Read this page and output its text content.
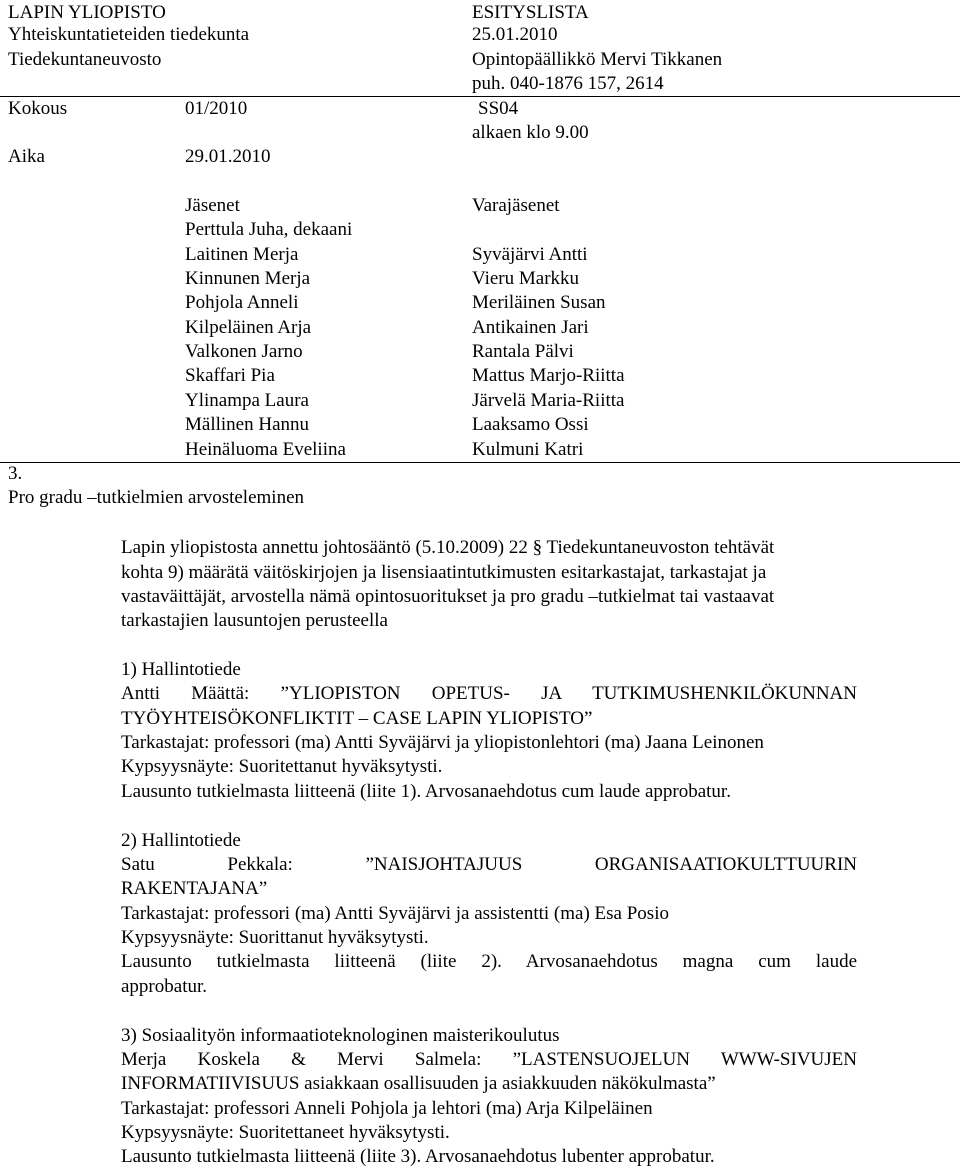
LAPIN YLIOPISTO
Yhteiskuntatieteiden tiedekunta
Tiedekuntaneuvosto
ESITYSLISTA
25.01.2010
Opintopäällikkö Mervi Tikkanen
puh. 040-1876 157, 2614
Kokous	01/2010	SS04
alkaen klo 9.00
Aika	29.01.2010
Jäsenet	Varajäsenet
Perttula Juha, dekaani
Laitinen Merja	Syväjärvi Antti
Kinnunen Merja	Vieru Markku
Pohjola Anneli	Meriläinen Susan
Kilpeläinen Arja	Antikainen Jari
Valkonen Jarno	Rantala Pälvi
Skaffari Pia	Mattus Marjo-Riitta
Ylinampa Laura	Järvelä Maria-Riitta
Mällinen Hannu	Laaksamo Ossi
Heinäluoma Eveliina	Kulmuni Katri
3.
Pro gradu –tutkielmien arvosteleminen
Lapin yliopistosta annettu johtosääntö (5.10.2009) 22 § Tiedekuntaneuvoston tehtävät
kohta 9) määrätä väitöskirjojen ja lisensiaatintutkimusten esitarkastajat, tarkastajat ja
vastaväittäjät, arvostella nämä opintosuoritukset ja pro gradu –tutkielmat tai vastaavat
tarkastajien lausuntojen perusteella
1) Hallintotiede
Antti Määttä: ”YLIOPISTON OPETUS- JA TUTKIMUSHENKILÖKUNNAN
TYÖYHTEISÖKONFLIKTIT – CASE LAPIN YLIOPISTO”
Tarkastajat: professori (ma) Antti Syväjärvi ja yliopistonlehtori (ma) Jaana Leinonen
Kypsyysnäyte: Suoritettanut hyväksytysti.
Lausunto tutkielmasta liitteenä (liite 1). Arvosanaehdotus cum laude approbatur.
2) Hallintotiede
Satu Pekkala: ”NAISJOHTAJUUS ORGANISAATIOKULTTUURIN
RAKENTAJANA”
Tarkastajat: professori (ma) Antti Syväjärvi ja assistentti (ma) Esa Posio
Kypsyysnäyte: Suorittanut hyväksytysti.
Lausunto tutkielmasta liitteenä (liite 2). Arvosanaehdotus magna cum laude
approbatur.
3) Sosiaalityön informaatioteknologinen maisterikoulutus
Merja Koskela & Mervi Salmela: ”LASTENSUOJELUN WWW-SIVUJEN
INFORMATIIVISUUS asiakkaan osallisuuden ja asiakkuuden näkökulmasta”
Tarkastajat: professori Anneli Pohjola ja lehtori (ma) Arja Kilpeläinen
Kypsyysnäyte: Suoritettaneet hyväksytysti.
Lausunto tutkielmasta liitteenä (liite 3). Arvosanaehdotus lubenter approbatur.
